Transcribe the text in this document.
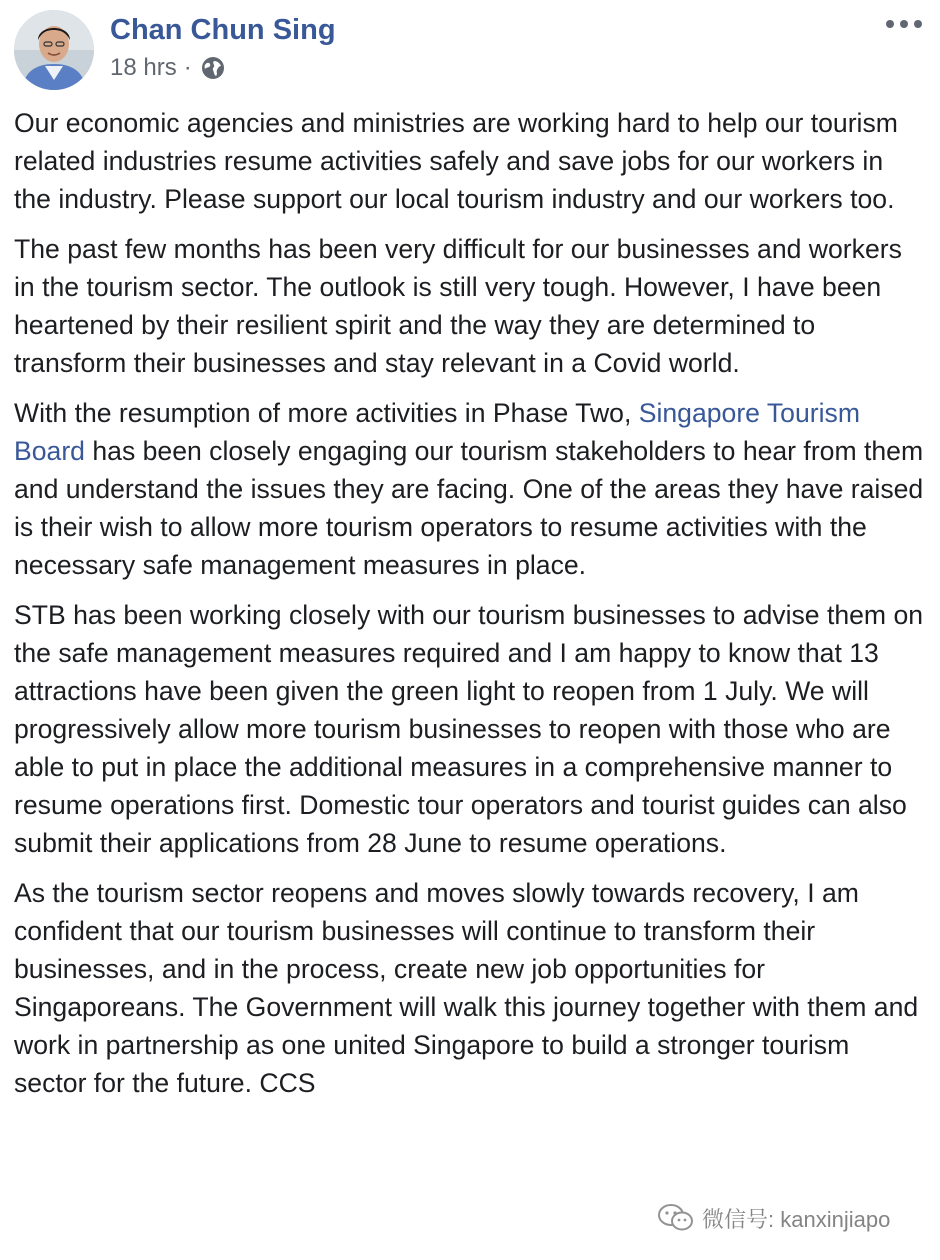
Chan Chun Sing
18 hrs ·

Our economic agencies and ministries are working hard to help our tourism related industries resume activities safely and save jobs for our workers in the industry. Please support our local tourism industry and our workers too.

The past few months has been very difficult for our businesses and workers in the tourism sector. The outlook is still very tough. However, I have been heartened by their resilient spirit and the way they are determined to transform their businesses and stay relevant in a Covid world.

With the resumption of more activities in Phase Two, Singapore Tourism Board has been closely engaging our tourism stakeholders to hear from them and understand the issues they are facing. One of the areas they have raised is their wish to allow more tourism operators to resume activities with the necessary safe management measures in place.

STB has been working closely with our tourism businesses to advise them on the safe management measures required and I am happy to know that 13 attractions have been given the green light to reopen from 1 July. We will progressively allow more tourism businesses to reopen with those who are able to put in place the additional measures in a comprehensive manner to resume operations first. Domestic tour operators and tourist guides can also submit their applications from 28 June to resume operations.

As the tourism sector reopens and moves slowly towards recovery, I am confident that our tourism businesses will continue to transform their businesses, and in the process, create new job opportunities for Singaporeans. The Government will walk this journey together with them and work in partnership as one united Singapore to build a stronger tourism sector for the future. CCS

微信号: kanxinjiapo
